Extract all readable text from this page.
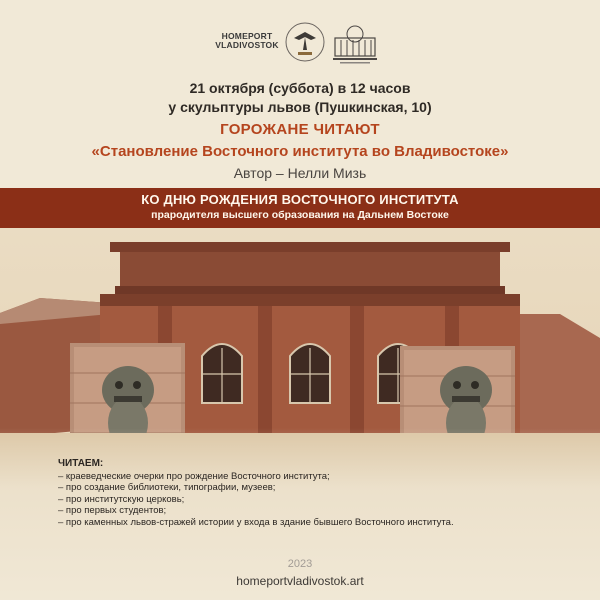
HOMEPORT
VLADIVOSTOK
21 октября (суббота) в 12 часов
у скульптуры львов (Пушкинская, 10)
ГОРОЖАНЕ ЧИТАЮТ
«Становление Восточного института во Владивостоке»
Автор – Нелли Мизь
КО ДНЮ РОЖДЕНИЯ ВОСТОЧНОГО ИНСТИТУТА
прародителя высшего образования на Дальнем Востоке
ЧИТАЕМ:
– краеведческие очерки про рождение Восточного института;
– про создание библиотеки, типографии, музеев;
– про институтскую церковь;
– про первых студентов;
– про каменных львов-стражей истории у входа в здание бывшего Восточного института.
2023
homeportvladivostok.art
